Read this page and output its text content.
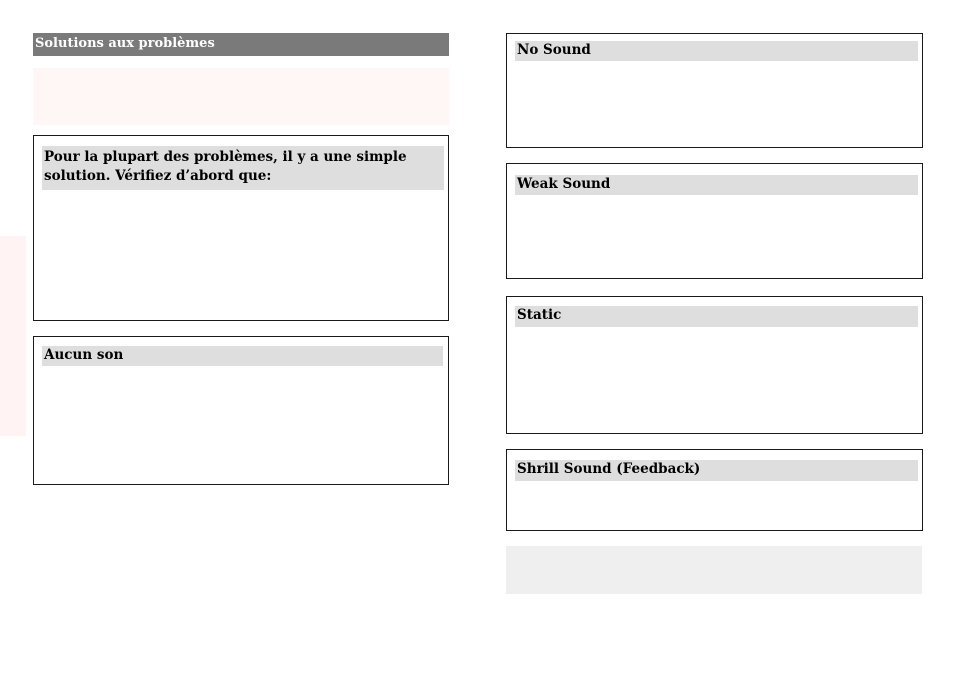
Solutions aux problèmes
Pour la plupart des problèmes, il y a une simple
solution. Vérifiez d’abord que:
Aucun son
No Sound
Weak Sound
Static
Shrill Sound (Feedback)
